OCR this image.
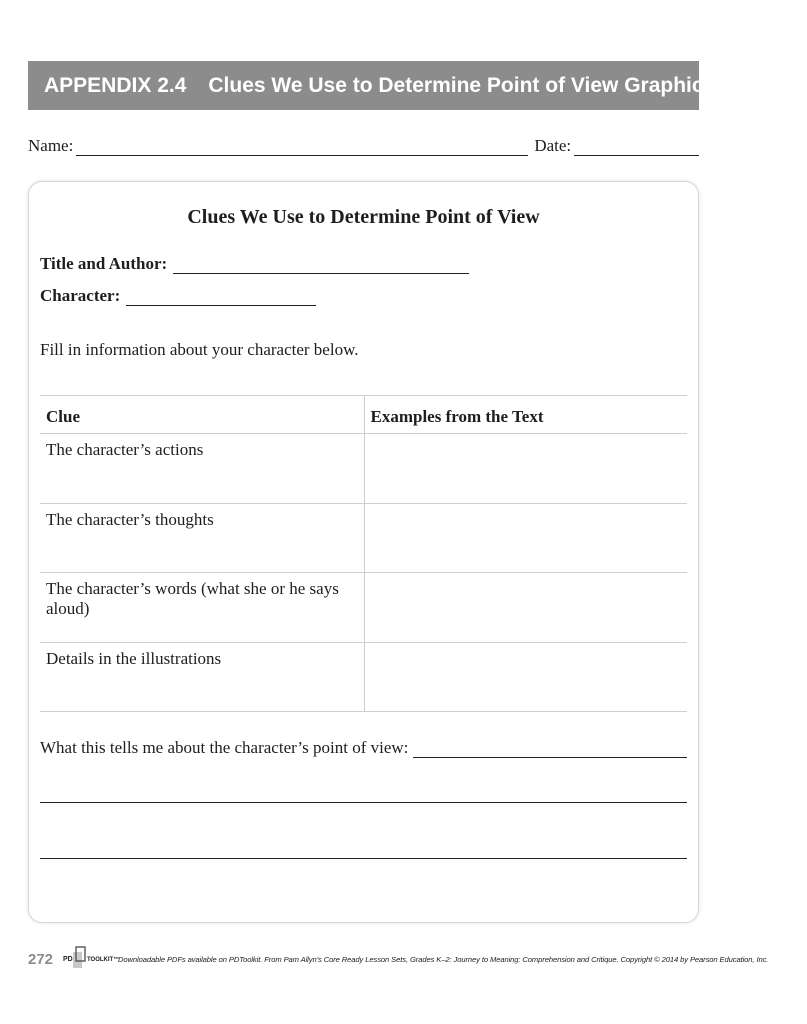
APPENDIX 2.4 Clues We Use to Determine Point of View Graphic Organizer
Name:	Date:
Clues We Use to Determine Point of View
Title and Author:
Character:
Fill in information about your character below.
Clue	Examples from the Text
The character’s actions	
The character’s thoughts	
The character’s words (what she or he says aloud)	
Details in the illustrations	
What this tells me about the character’s point of view:
272 PD TOOLKIT™
Downloadable PDFs available on PDToolkit. From Pam Allyn’s Core Ready Lesson Sets, Grades K–2: Journey to Meaning: Comprehension and Critique. Copyright © 2014 by Pearson Education, Inc.
